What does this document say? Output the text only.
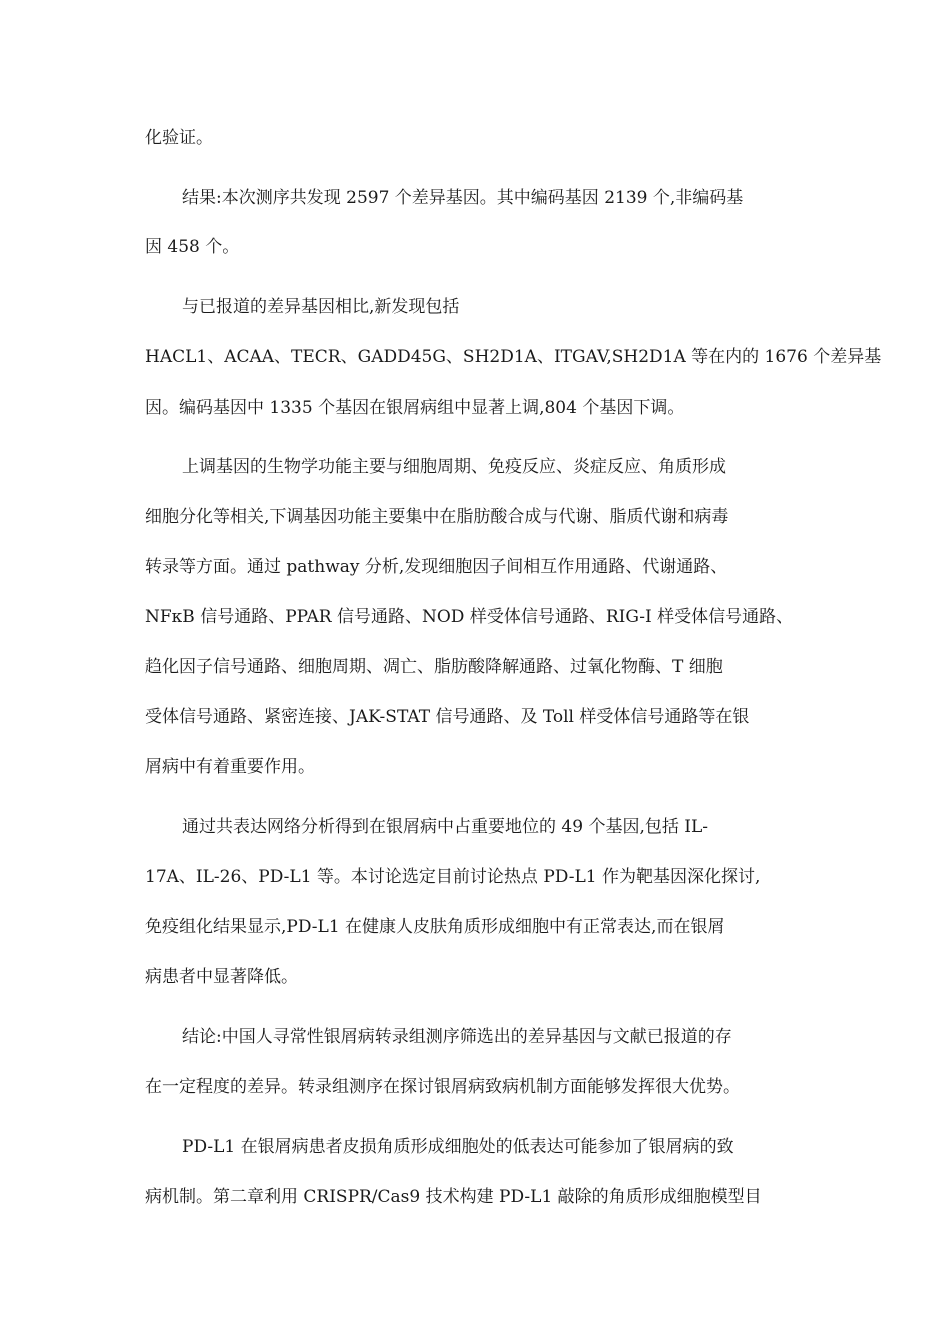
化验证。

结果:本次测序共发现 2597 个差异基因。其中编码基因 2139 个,非编码基

因 458 个。

与已报道的差异基因相比,新发现包括

HACL1、ACAA、TECR、GADD45G、SH2D1A、ITGAV,SH2D1A 等在内的 1676 个差异基

因。编码基因中 1335 个基因在银屑病组中显著上调,804 个基因下调。

上调基因的生物学功能主要与细胞周期、免疫反应、炎症反应、角质形成

细胞分化等相关,下调基因功能主要集中在脂肪酸合成与代谢、脂质代谢和病毒

转录等方面。通过 pathway 分析,发现细胞因子间相互作用通路、代谢通路、

NFκB 信号通路、PPAR 信号通路、NOD 样受体信号通路、RIG-I 样受体信号通路、

趋化因子信号通路、细胞周期、凋亡、脂肪酸降解通路、过氧化物酶、T 细胞

受体信号通路、紧密连接、JAK-STAT 信号通路、及 Toll 样受体信号通路等在银

屑病中有着重要作用。

通过共表达网络分析得到在银屑病中占重要地位的 49 个基因,包括 IL-

17A、IL-26、PD-L1 等。本讨论选定目前讨论热点 PD-L1 作为靶基因深化探讨,

免疫组化结果显示,PD-L1 在健康人皮肤角质形成细胞中有正常表达,而在银屑

病患者中显著降低。

结论:中国人寻常性银屑病转录组测序筛选出的差异基因与文献已报道的存

在一定程度的差异。转录组测序在探讨银屑病致病机制方面能够发挥很大优势。

PD-L1 在银屑病患者皮损角质形成细胞处的低表达可能参加了银屑病的致

病机制。第二章利用 CRISPR/Cas9 技术构建 PD-L1 敲除的角质形成细胞模型目
